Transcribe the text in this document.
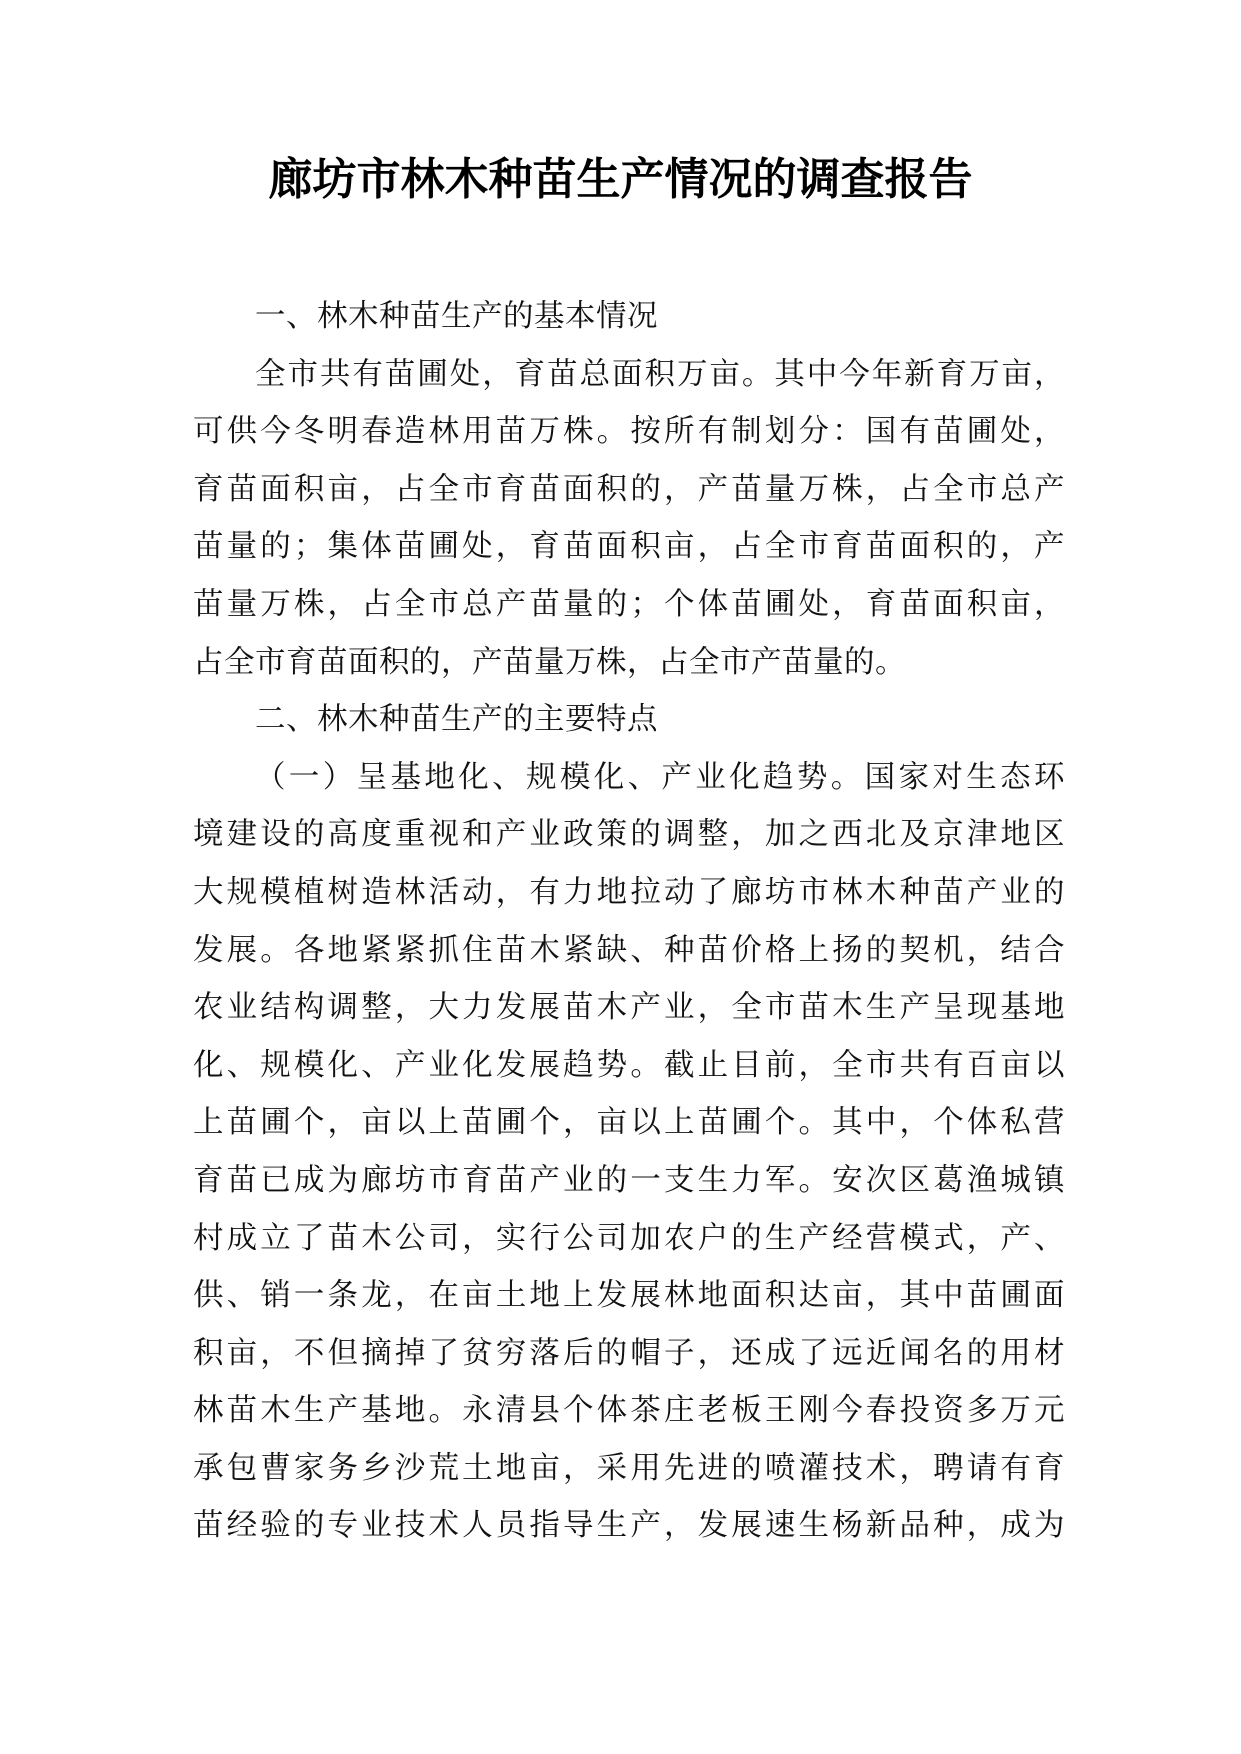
廊坊市林木种苗生产情况的调查报告
一、林木种苗生产的基本情况
全市共有苗圃处，育苗总面积万亩。其中今年新育万亩，
可供今冬明春造林用苗万株。按所有制划分：国有苗圃处，
育苗面积亩，占全市育苗面积的，产苗量万株，占全市总产
苗量的；集体苗圃处，育苗面积亩，占全市育苗面积的，产
苗量万株，占全市总产苗量的；个体苗圃处，育苗面积亩，
占全市育苗面积的，产苗量万株，占全市产苗量的。
二、林木种苗生产的主要特点
（一）呈基地化、规模化、产业化趋势。国家对生态环
境建设的高度重视和产业政策的调整，加之西北及京津地区
大规模植树造林活动，有力地拉动了廊坊市林木种苗产业的
发展。各地紧紧抓住苗木紧缺、种苗价格上扬的契机，结合
农业结构调整，大力发展苗木产业，全市苗木生产呈现基地
化、规模化、产业化发展趋势。截止目前，全市共有百亩以
上苗圃个，亩以上苗圃个，亩以上苗圃个。其中，个体私营
育苗已成为廊坊市育苗产业的一支生力军。安次区葛渔城镇
村成立了苗木公司，实行公司加农户的生产经营模式，产、
供、销一条龙，在亩土地上发展林地面积达亩，其中苗圃面
积亩，不但摘掉了贫穷落后的帽子，还成了远近闻名的用材
林苗木生产基地。永清县个体茶庄老板王刚今春投资多万元
承包曹家务乡沙荒土地亩，采用先进的喷灌技术，聘请有育
苗经验的专业技术人员指导生产，发展速生杨新品种，成为
